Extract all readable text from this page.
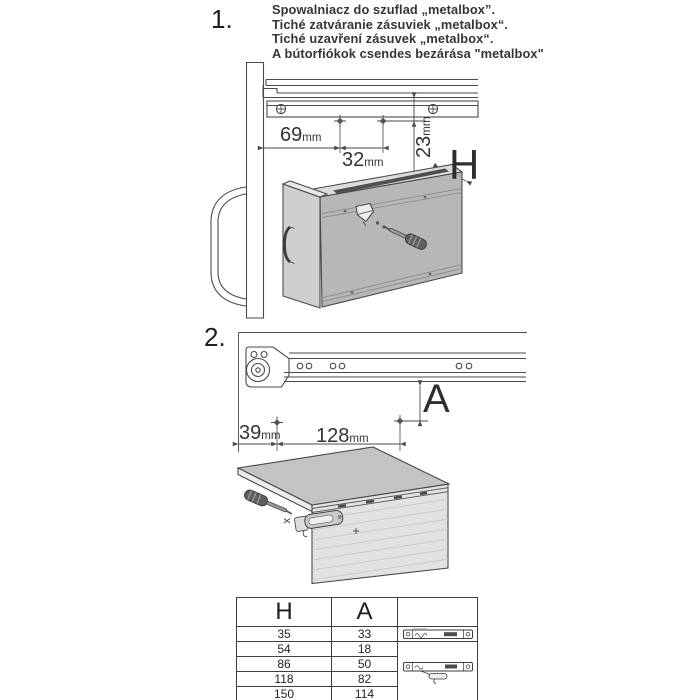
1.	Spowalniacz do szuflad „metalbox”.
Tiché zatváranie zásuviek „metalbox“.
Tiché uzavření zásuvek „metalbox“.
A bútorfiókok csendes bezárása "metalbox"
69mm
32mm
23mm
H
2.
A
39mm 128mm
H	A	
35	33	

54	18	

86	50	
118	82	
150	114	
